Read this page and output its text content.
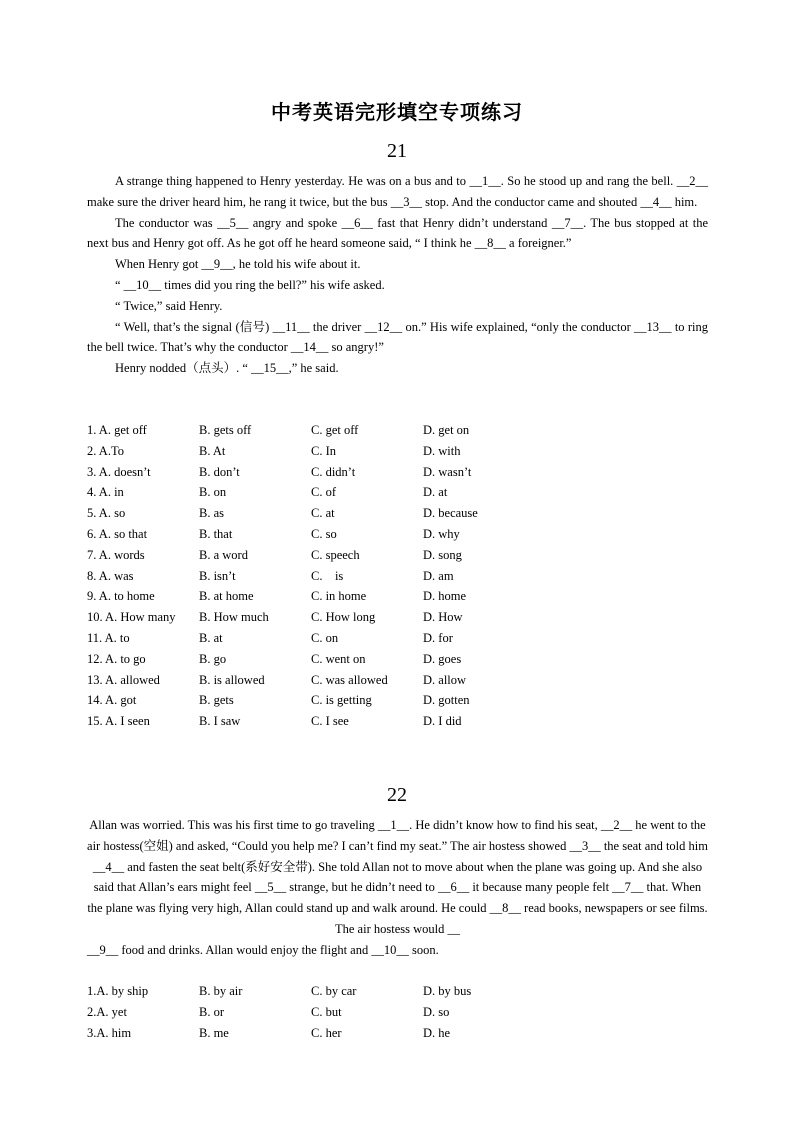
中考英语完形填空专项练习
21

A strange thing happened to Henry yesterday. He was on a bus and to __1__. So he stood up and rang the bell. __2__ make sure the driver heard him, he rang it twice, but the bus __3__ stop. And the conductor came and shouted __4__ him.

The conductor was __5__ angry and spoke __6__ fast that Henry didn’t understand __7__. The bus stopped at the next bus and Henry got off. As he got off he heard someone said, “ I think he __8__ a foreigner.”

When Henry got __9__, he told his wife about it.

“ __10__ times did you ring the bell?” his wife asked.

“ Twice,” said Henry.

“ Well, that’s the signal (信号) __11__ the driver __12__ on.” His wife explained, “only the conductor __13__ to ring the bell twice. That’s why the conductor __14__ so angry!”

Henry nodded（点头）. “ __15__,” he said.

1. A. get off	B. gets off	C. get off	D. get on
2. A.To	B. At	C. In	D. with
3. A. doesn’t	B. don’t	C. didn’t	D. wasn’t
4. A. in	B. on	C. of	D. at
5. A. so	B. as	C. at	D. because
6. A. so that	B. that	C. so	D. why
7. A. words	B. a word	C. speech	D. song
8. A. was	B. isn’t	C.    is	D. am
9. A. to home	B. at home	C. in home	D. home
10. A. How many	B. How much	C. How long	D. How
11. A. to	B. at	C. on	D. for
12. A. to go	B. go	C. went on	D. goes
13. A. allowed	B. is allowed	C. was allowed	D. allow
14. A. got	B. gets	C. is getting	D. gotten
15. A. I seen	B. I saw	C. I see	D. I did
22

Allan was worried. This was his first time to go traveling __1__. He didn’t know how to find his seat, __2__ he went to the air hostess(空姐) and asked, “Could you help me? I can’t find my seat.” The air hostess showed __3__ the seat and told him __4__ and fasten the seat belt(系好安全带). She told Allan not to move about when the plane was going up. And she also said that Allan’s ears might feel __5__ strange, but he didn’t need to __6__ it because many people felt __7__ that. When the plane was flying very high, Allan could stand up and walk around. He could __8__ read books, newspapers or see films. The air hostess would __

__9__ food and drinks. Allan would enjoy the flight and __10__ soon.

1.A. by ship	B. by air	C. by car	D. by bus
2.A. yet	B. or	C. but	D. so
3.A. him	B. me	C. her	D. he
